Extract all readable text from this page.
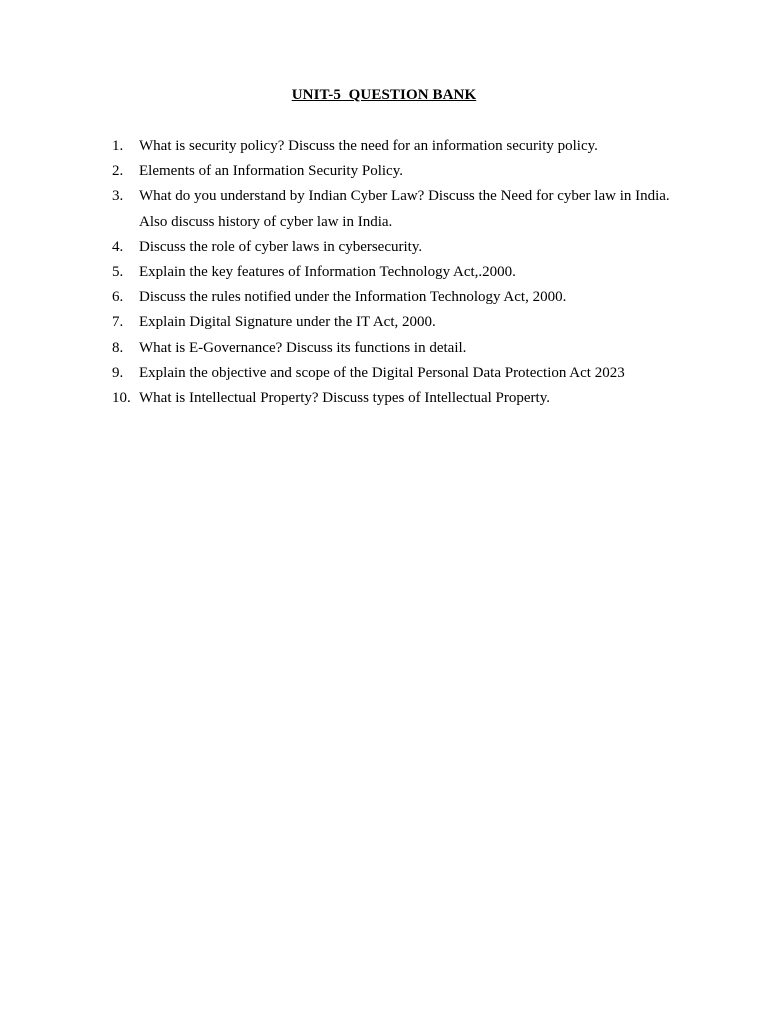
UNIT-5  QUESTION BANK
1. What is security policy? Discuss the need for an information security policy.
2. Elements of an Information Security Policy.
3. What do you understand by Indian Cyber Law? Discuss the Need for cyber law in India. Also discuss history of cyber law in India.
4. Discuss the role of cyber laws in cybersecurity.
5. Explain the key features of Information Technology Act,.2000.
6. Discuss the rules notified under the Information Technology Act, 2000.
7. Explain Digital Signature under the IT Act, 2000.
8. What is E-Governance? Discuss its functions in detail.
9. Explain the objective and scope of the Digital Personal Data Protection Act 2023
10. What is Intellectual Property? Discuss types of Intellectual Property.
